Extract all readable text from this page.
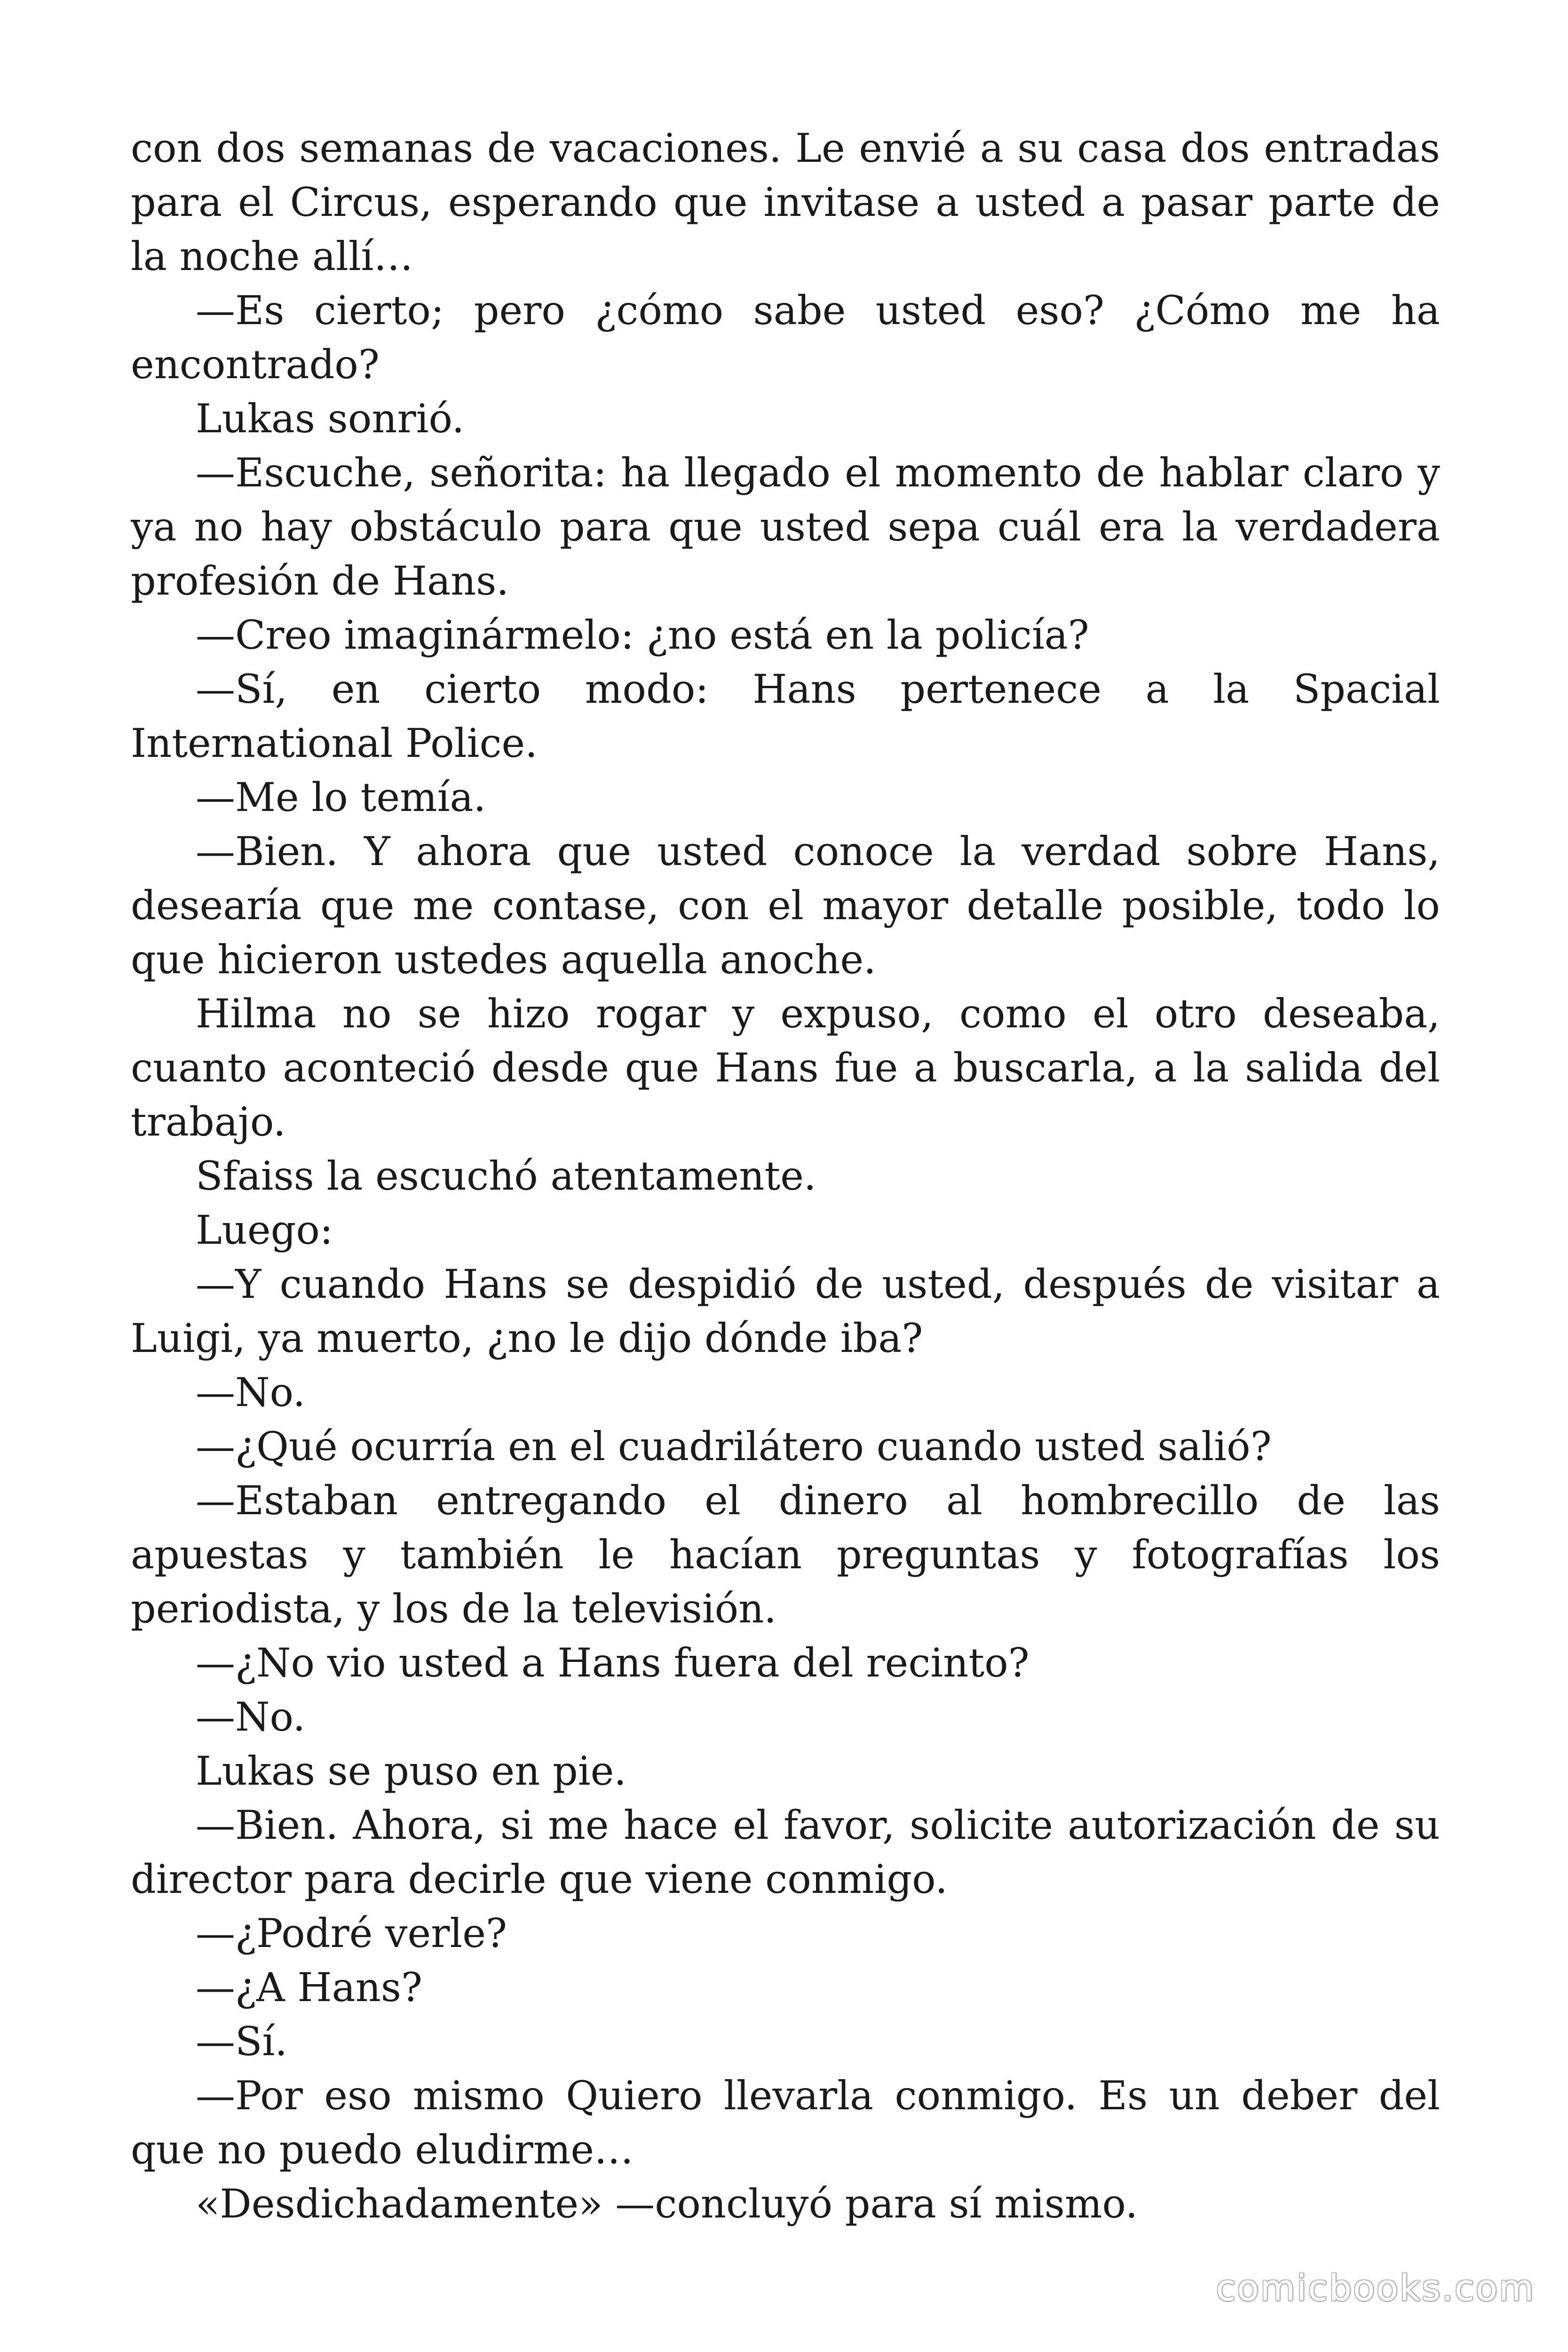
con dos semanas de vacaciones. Le envié a su casa dos entradas para el Circus, esperando que invitase a usted a pasar parte de la noche allí…

—Es cierto; pero ¿cómo sabe usted eso? ¿Cómo me ha encontrado?

Lukas sonrió.

—Escuche, señorita: ha llegado el momento de hablar claro y ya no hay obstáculo para que usted sepa cuál era la verdadera profesión de Hans.

—Creo imaginármelo: ¿no está en la policía?

—Sí, en cierto modo: Hans pertenece a la Spacial International Police.

—Me lo temía.

—Bien. Y ahora que usted conoce la verdad sobre Hans, desearía que me contase, con el mayor detalle posible, todo lo que hicieron ustedes aquella anoche.

Hilma no se hizo rogar y expuso, como el otro deseaba, cuanto aconteció desde que Hans fue a buscarla, a la salida del trabajo.

Sfaiss la escuchó atentamente.

Luego:

—Y cuando Hans se despidió de usted, después de visitar a Luigi, ya muerto, ¿no le dijo dónde iba?

—No.

—¿Qué ocurría en el cuadrilátero cuando usted salió?

—Estaban entregando el dinero al hombrecillo de las apuestas y también le hacían preguntas y fotografías los periodista, y los de la televisión.

—¿No vio usted a Hans fuera del recinto?

—No.

Lukas se puso en pie.

—Bien. Ahora, si me hace el favor, solicite autorización de su director para decirle que viene conmigo.

—¿Podré verle?

—¿A Hans?

—Sí.

—Por eso mismo Quiero llevarla conmigo. Es un deber del que no puedo eludirme…

«Desdichadamente» —concluyó para sí mismo.

comicbooks.com
